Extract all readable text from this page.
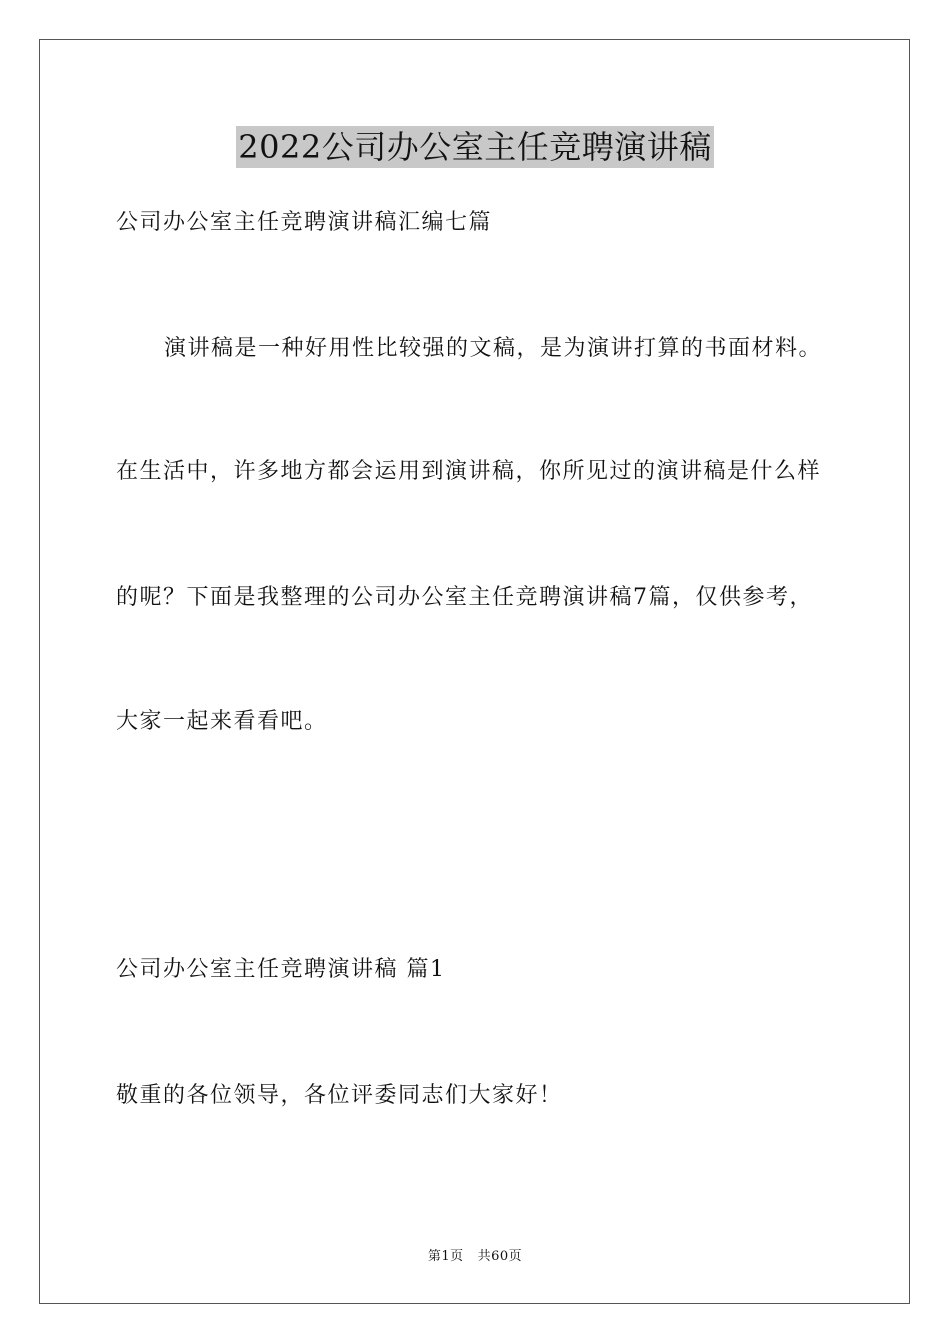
2022公司办公室主任竞聘演讲稿
公司办公室主任竞聘演讲稿汇编七篇
演讲稿是一种好用性比较强的文稿，是为演讲打算的书面材料。
在生活中，许多地方都会运用到演讲稿，你所见过的演讲稿是什么样
的呢？下面是我整理的公司办公室主任竞聘演讲稿7篇，仅供参考，
大家一起来看看吧。
公司办公室主任竞聘演讲稿 篇1
敬重的各位领导，各位评委同志们大家好！
第1页 共60页
